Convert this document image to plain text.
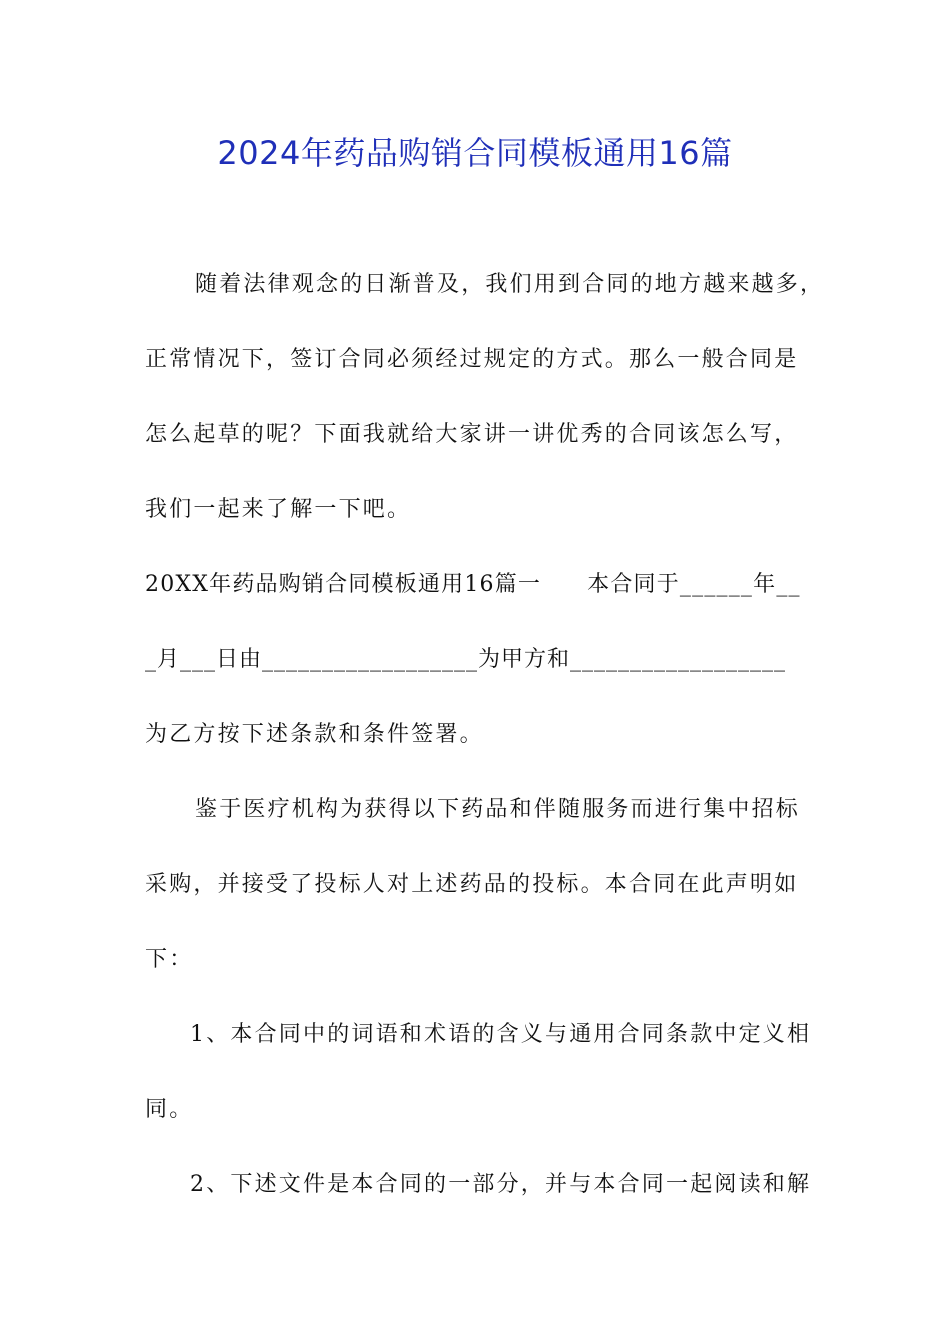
2024年药品购销合同模板通用16篇
随着法律观念的日渐普及，我们用到合同的地方越来越多，
正常情况下，签订合同必须经过规定的方式。那么一般合同是
怎么起草的呢？下面我就给大家讲一讲优秀的合同该怎么写，
我们一起来了解一下吧。
20XX年药品购销合同模板通用16篇一 本合同于______年__
_月___日由__________________为甲方和__________________
为乙方按下述条款和条件签署。
鉴于医疗机构为获得以下药品和伴随服务而进行集中招标
采购，并接受了投标人对上述药品的投标。本合同在此声明如
下：
1、本合同中的词语和术语的含义与通用合同条款中定义相
同。
2、下述文件是本合同的一部分，并与本合同一起阅读和解
